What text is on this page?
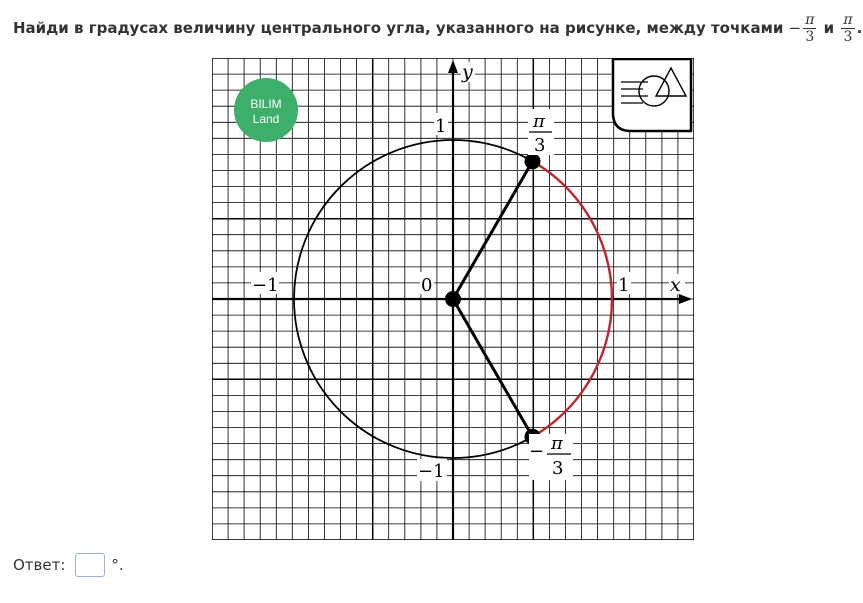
Найди в градусах величину центрального угла, указанного на рисунке, между точками − $\frac{\pi}{3}$ и $\frac{\pi}{3}$ .
y
x
0	1
−1
1
−1
π
3
− π
3
BILIM
Land
Ответ:	°.
